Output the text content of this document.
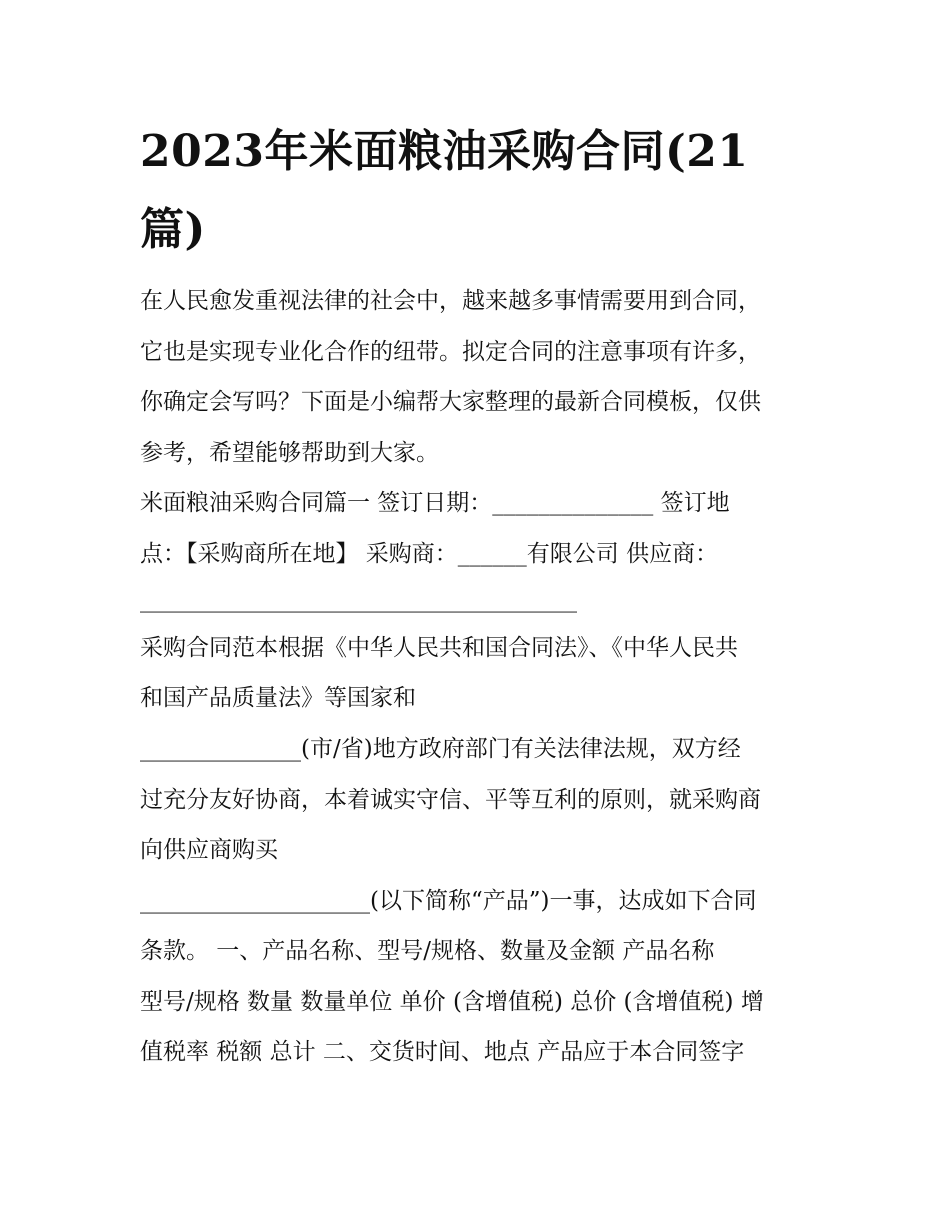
2023年米面粮油采购合同(21
篇)

在人民愈发重视法律的社会中，越来越多事情需要用到合同，

它也是实现专业化合作的纽带。拟定合同的注意事项有许多，

你确定会写吗？下面是小编帮大家整理的最新合同模板，仅供

参考，希望能够帮助到大家。

米面粮油采购合同篇一 签订日期：______________ 签订地

点：【采购商所在地】 采购商：______有限公司 供应商：

______________________________________

采购合同范本根据《中华人民共和国合同法》、《中华人民共

和国产品质量法》等国家和

______________(市/省)地方政府部门有关法律法规，双方经

过充分友好协商，本着诚实守信、平等互利的原则，就采购商

向供应商购买

____________________(以下简称“产品”)一事，达成如下合同

条款。 一、产品名称、型号/规格、数量及金额 产品名称

型号/规格 数量 数量单位 单价 (含增值税) 总价 (含增值税) 增

值税率 税额 总计 二、交货时间、地点 产品应于本合同签字
